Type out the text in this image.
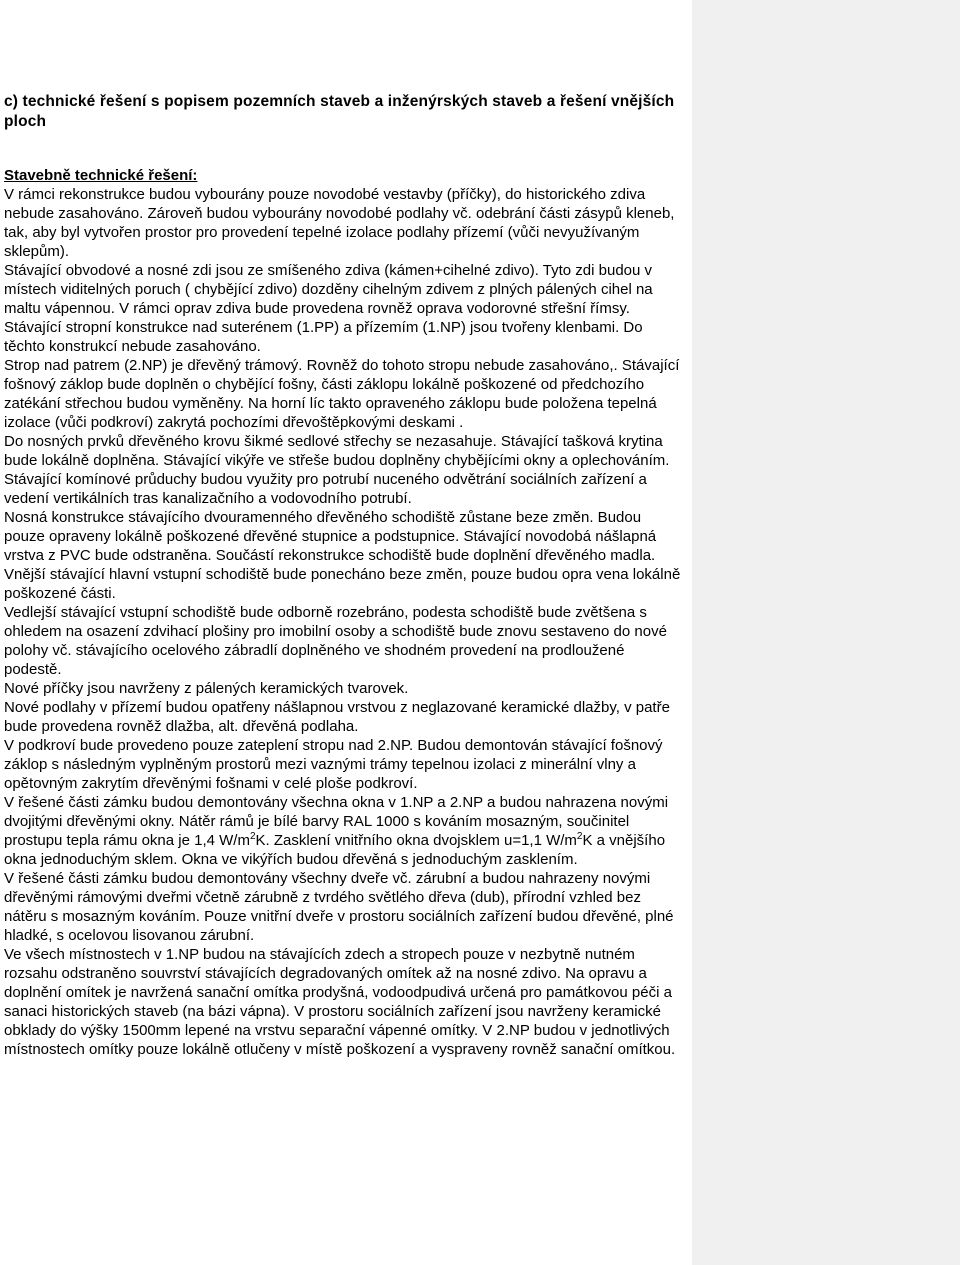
c) technické řešení s popisem pozemních staveb a inženýrských staveb a řešení vnějších ploch

Stavebně technické řešení:

V rámci rekonstrukce budou vybourány pouze novodobé vestavby (příčky), do historického zdiva nebude zasahováno. Zároveň budou vybourány novodobé podlahy vč. odebrání části zásypů kleneb, tak, aby byl vytvořen prostor pro provedení tepelné izolace podlahy přízemí (vůči nevyužívaným sklepům).

Stávající obvodové a nosné zdi jsou ze smíšeného zdiva (kámen+cihelné zdivo). Tyto zdi budou v místech viditelných poruch ( chybějící zdivo) dozděny cihelným zdivem z plných pálených cihel na maltu vápennou. V rámci oprav zdiva bude provedena rovněž oprava vodorovné střešní římsy.

Stávající stropní konstrukce nad suterénem (1.PP) a přízemím (1.NP) jsou tvořeny klenbami. Do těchto konstrukcí nebude zasahováno.

Strop nad patrem (2.NP) je dřevěný trámový. Rovněž do tohoto stropu nebude zasahováno,. Stávající fošnový záklop bude doplněn o chybějící fošny, části záklopu lokálně poškozené od předchozího zatékání střechou budou vyměněny. Na horní líc takto opraveného záklopu bude položena tepelná izolace (vůči podkroví) zakrytá pochozími dřevoštěpkovými deskami .

Do nosných prvků dřevěného krovu šikmé sedlové střechy se nezasahuje. Stávající tašková krytina bude lokálně doplněna. Stávající vikýře ve střeše budou doplněny chybějícími okny a oplechováním.

Stávající komínové průduchy budou využity pro potrubí nuceného odvětrání sociálních zařízení a vedení vertikálních tras kanalizačního a vodovodního potrubí.

Nosná konstrukce stávajícího dvouramenného dřevěného schodiště zůstane beze změn. Budou pouze opraveny lokálně poškozené dřevěné stupnice a podstupnice. Stávající novodobá nášlapná vrstva z PVC bude odstraněna. Součástí rekonstrukce schodiště bude doplnění dřevěného madla.

Vnější stávající hlavní vstupní schodiště bude ponecháno beze změn, pouze budou opra vena lokálně poškozené části.

Vedlejší stávající vstupní schodiště bude odborně rozebráno, podesta schodiště bude zvětšena s ohledem na osazení zdvihací plošiny pro imobilní osoby a schodiště bude znovu sestaveno do nové polohy vč. stávajícího ocelového zábradlí doplněného ve shodném provedení na prodloužené podestě.

Nové příčky jsou navrženy z pálených keramických tvarovek.

Nové podlahy v přízemí budou opatřeny nášlapnou vrstvou z neglazované keramické dlažby, v patře bude provedena rovněž dlažba, alt. dřevěná podlaha.

V podkroví bude provedeno pouze zateplení stropu nad 2.NP. Budou demontován stávající fošnový záklop s následným vyplněným prostorů mezi vaznými trámy tepelnou izolaci z minerální vlny a opětovným zakrytím dřevěnými fošnami v celé ploše podkroví.

V řešené části zámku budou demontovány všechna okna v 1.NP a 2.NP a budou nahrazena novými dvojitými dřevěnými okny. Nátěr rámů je bílé barvy RAL 1000 s kováním mosazným, součinitel prostupu tepla rámu okna je 1,4 $W/m^2K$. Zasklení vnitřního okna dvojsklem u=1,1 $W/m^2K$ a vnějšího okna jednoduchým sklem. Okna ve vikýřích budou dřevěná s jednoduchým zasklením.

V řešené části zámku budou demontovány všechny dveře vč. zárubní a budou nahrazeny novými dřevěnými rámovými dveřmi včetně zárubně z tvrdého světlého dřeva (dub), přírodní vzhled bez nátěru s mosazným kováním. Pouze vnitřní dveře v prostoru sociálních zařízení budou dřevěné, plné hladké, s ocelovou lisovanou zárubní.

Ve všech místnostech v 1.NP budou na stávajících zdech a stropech pouze v nezbytně nutném rozsahu odstraněno souvrství stávajících degradovaných omítek až na nosné zdivo. Na opravu a doplnění omítek je navržená sanační omítka prodyšná, vodoodpudivá určená pro památkovou péči a sanaci historických staveb (na bázi vápna). V prostoru sociálních zařízení jsou navrženy keramické obklady do výšky 1500mm lepené na vrstvu separační vápenné omítky. V 2.NP budou v jednotlivých místnostech omítky pouze lokálně otlučeny v místě poškození a vyspraveny rovněž sanační omítkou.
